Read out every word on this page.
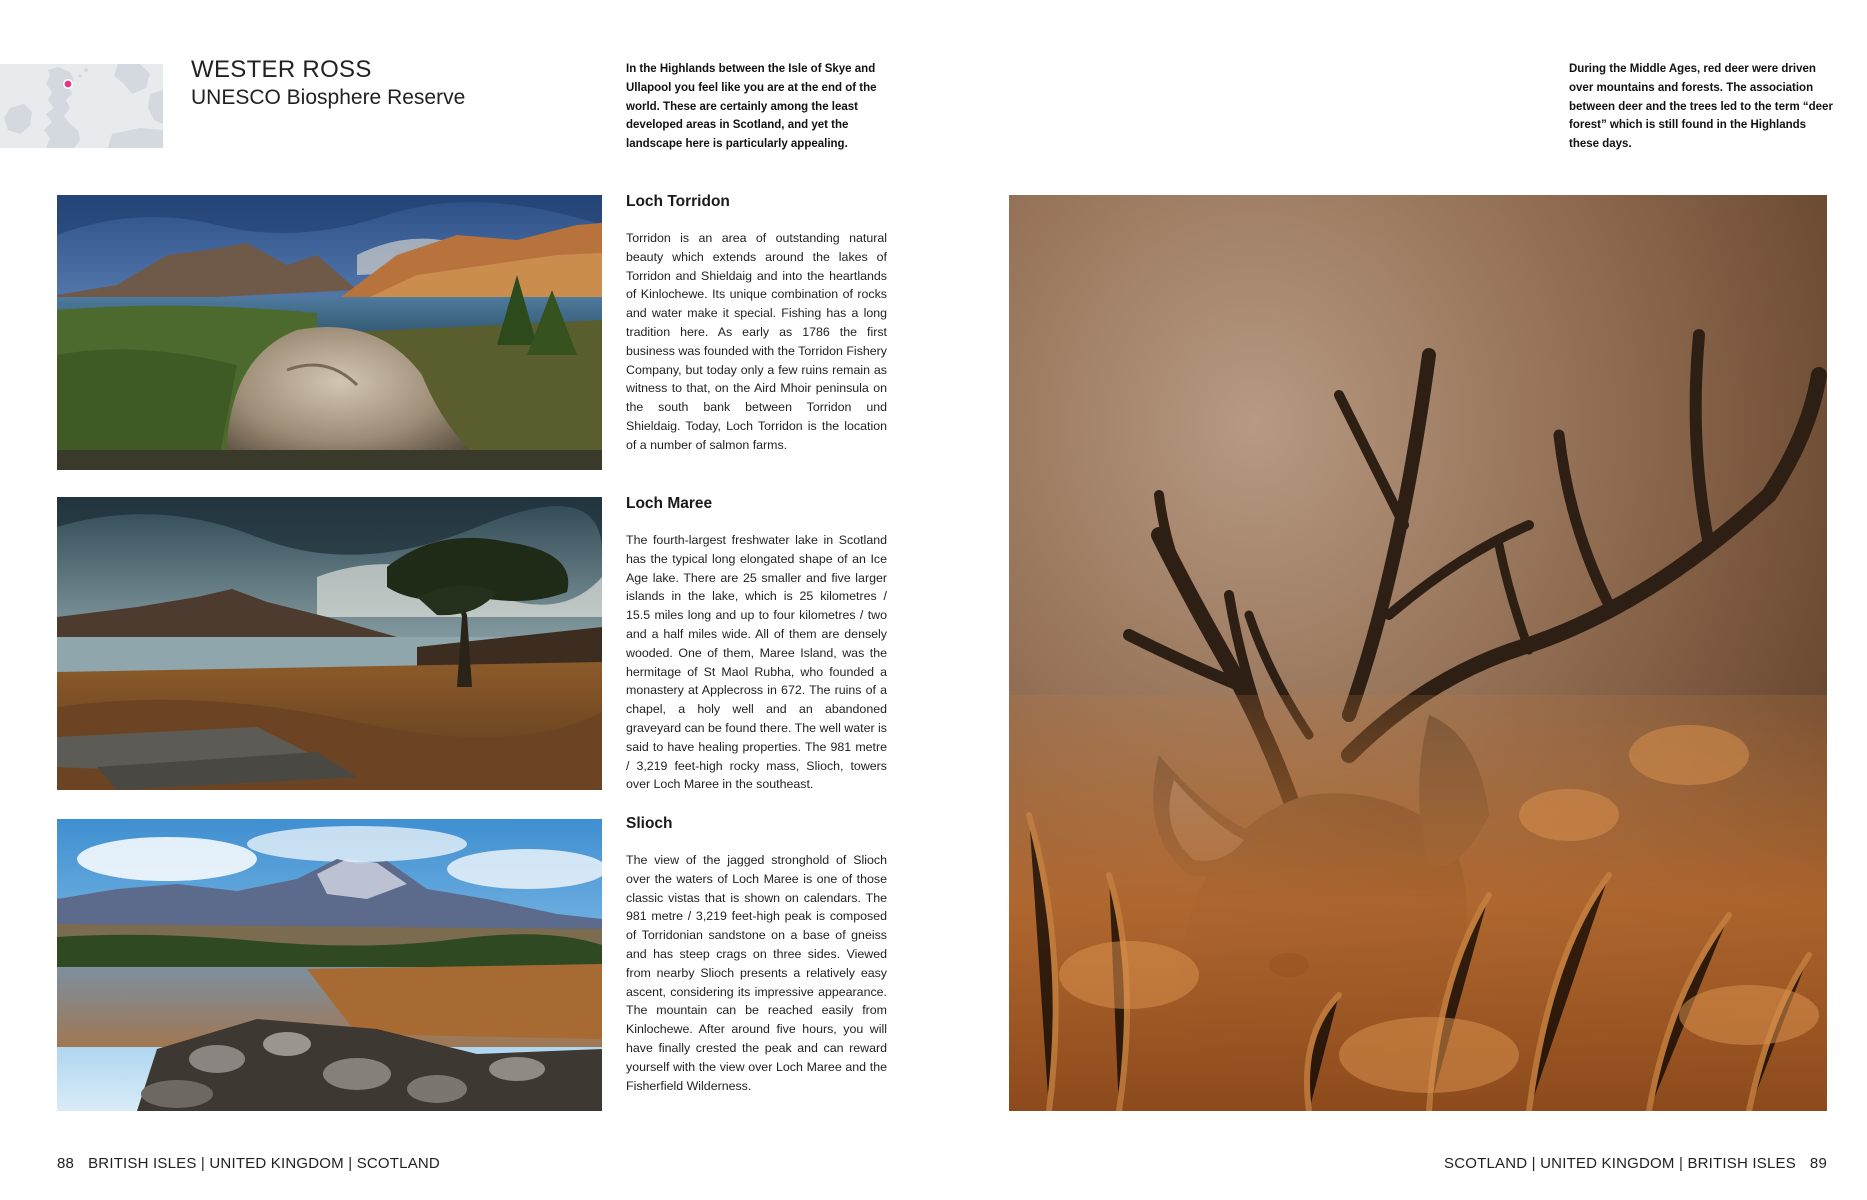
WESTER ROSS
UNESCO Biosphere Reserve
In the Highlands between the Isle of Skye and Ullapool you feel like you are at the end of the world. These are certainly among the least developed areas in Scotland, and yet the landscape here is particularly appealing.
During the Middle Ages, red deer were driven over mountains and forests. The association between deer and the trees led to the term “deer forest” which is still found in the Highlands these days.
Loch Torridon

Torridon is an area of outstanding natural beauty which extends around the lakes of Torridon and Shieldaig and into the heartlands of Kinlochewe. Its unique combination of rocks and water make it special. Fishing has a long tradition here. As early as 1786 the first business was founded with the Torridon Fishery Company, but today only a few ruins remain as witness to that, on the Aird Mhoir peninsula on the south bank between Torridon und Shieldaig. Today, Loch Torridon is the location of a number of salmon farms.

Loch Maree

The fourth-largest freshwater lake in Scotland has the typical long elongated shape of an Ice Age lake. There are 25 smaller and five larger islands in the lake, which is 25 kilometres / 15.5 miles long and up to four kilometres / two and a half miles wide. All of them are densely wooded. One of them, Maree Island, was the hermitage of St Maol Rubha, who founded a monastery at Applecross in 672. The ruins of a chapel, a holy well and an abandoned graveyard can be found there. The well water is said to have healing properties. The 981 metre / 3,219 feet-high rocky mass, Slioch, towers over Loch Maree in the southeast.

Slioch

The view of the jagged stronghold of Slioch over the waters of Loch Maree is one of those classic vistas that is shown on calendars. The 981 metre / 3,219 feet-high peak is composed of Torridonian sandstone on a base of gneiss and has steep crags on three sides. Viewed from nearby Slioch presents a relatively easy ascent, considering its impressive appearance. The mountain can be reached easily from Kinlochewe. After around five hours, you will have finally crested the peak and can reward yourself with the view over Loch Maree and the Fisherfield Wilderness.

88 BRITISH ISLES | UNITED KINGDOM | SCOTLAND	SCOTLAND | UNITED KINGDOM | BRITISH ISLES 89
